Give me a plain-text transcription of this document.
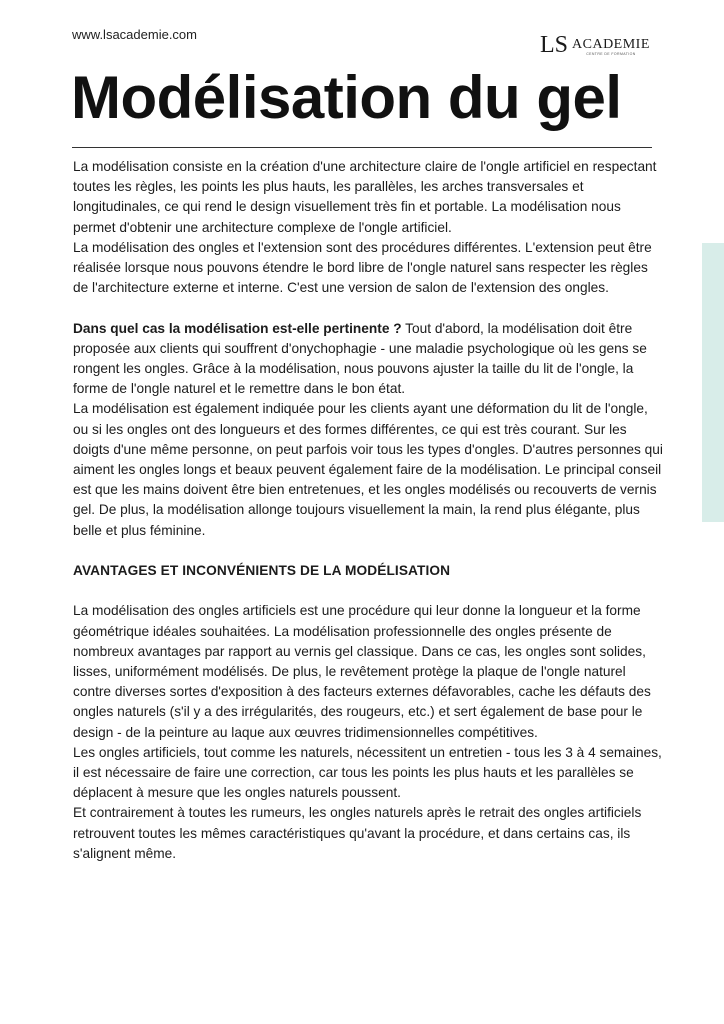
www.lsacademie.com	LS ACADEMIE
CENTRE DE FORMATION
Modélisation du gel

La modélisation consiste en la création d'une architecture claire de l'ongle artificiel en respectant toutes les règles, les points les plus hauts, les parallèles, les arches transversales et longitudinales, ce qui rend le design visuellement très fin et portable. La modélisation nous permet d'obtenir une architecture complexe de l'ongle artificiel.

La modélisation des ongles et l'extension sont des procédures différentes. L'extension peut être réalisée lorsque nous pouvons étendre le bord libre de l'ongle naturel sans respecter les règles de l'architecture externe et interne. C'est une version de salon de l'extension des ongles.

Dans quel cas la modélisation est-elle pertinente ? Tout d'abord, la modélisation doit être proposée aux clients qui souffrent d'onychophagie - une maladie psychologique où les gens se rongent les ongles. Grâce à la modélisation, nous pouvons ajuster la taille du lit de l'ongle, la forme de l'ongle naturel et le remettre dans le bon état.

La modélisation est également indiquée pour les clients ayant une déformation du lit de l'ongle, ou si les ongles ont des longueurs et des formes différentes, ce qui est très courant. Sur les doigts d'une même personne, on peut parfois voir tous les types d'ongles. D'autres personnes qui aiment les ongles longs et beaux peuvent également faire de la modélisation. Le principal conseil est que les mains doivent être bien entretenues, et les ongles modélisés ou recouverts de vernis gel. De plus, la modélisation allonge toujours visuellement la main, la rend plus élégante, plus belle et plus féminine.

AVANTAGES ET INCONVÉNIENTS DE LA MODÉLISATION

La modélisation des ongles artificiels est une procédure qui leur donne la longueur et la forme géométrique idéales souhaitées. La modélisation professionnelle des ongles présente de nombreux avantages par rapport au vernis gel classique. Dans ce cas, les ongles sont solides, lisses, uniformément modélisés. De plus, le revêtement protège la plaque de l'ongle naturel contre diverses sortes d'exposition à des facteurs externes défavorables, cache les défauts des ongles naturels (s'il y a des irrégularités, des rougeurs, etc.) et sert également de base pour le design - de la peinture au laque aux œuvres tridimensionnelles compétitives.

Les ongles artificiels, tout comme les naturels, nécessitent un entretien - tous les 3 à 4 semaines, il est nécessaire de faire une correction, car tous les points les plus hauts et les parallèles se déplacent à mesure que les ongles naturels poussent.

Et contrairement à toutes les rumeurs, les ongles naturels après le retrait des ongles artificiels retrouvent toutes les mêmes caractéristiques qu'avant la procédure, et dans certains cas, ils s'alignent même.
